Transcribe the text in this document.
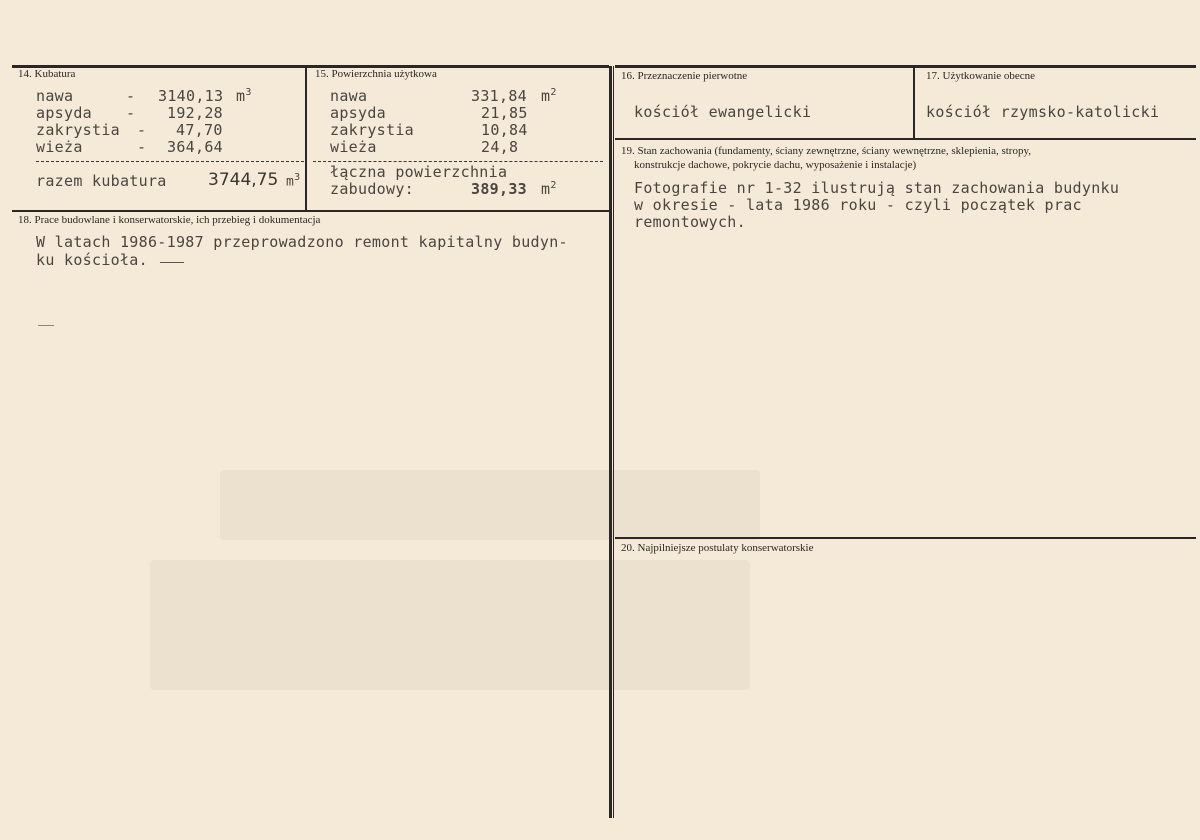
14. Kubatura
nawa	- 3140,13 $m^3$
apsyda - 192,28
zakrystia - 47,70
wieża	- 364,64
razem kubatura 3744,75 $m^3$
15. Powierzchnia użytkowa
nawa	331,84 $m^2$
apsyda	21,85
zakrystia	10,84
wieża	24,8
łączna powierzchnia
zabudowy:	389,33 $m^2$
16. Przeznaczenie pierwotne
kościół ewangelicki
17. Użytkowanie obecne
kościół rzymsko-katolicki
18. Prace budowlane i konserwatorskie, ich przebieg i dokumentacja
W latach 1986-1987 przeprowadzono remont kapitalny budyn-
ku kościoła.
19. Stan zachowania (fundamenty, ściany zewnętrzne, ściany wewnętrzne, sklepienia, stropy,
konstrukcje dachowe, pokrycie dachu, wyposażenie i instalacje)
Fotografie nr 1-32 ilustrują stan zachowania budynku
w okresie - lata 1986 roku - czyli początek prac
remontowych.
20. Najpilniejsze postulaty konserwatorskie
